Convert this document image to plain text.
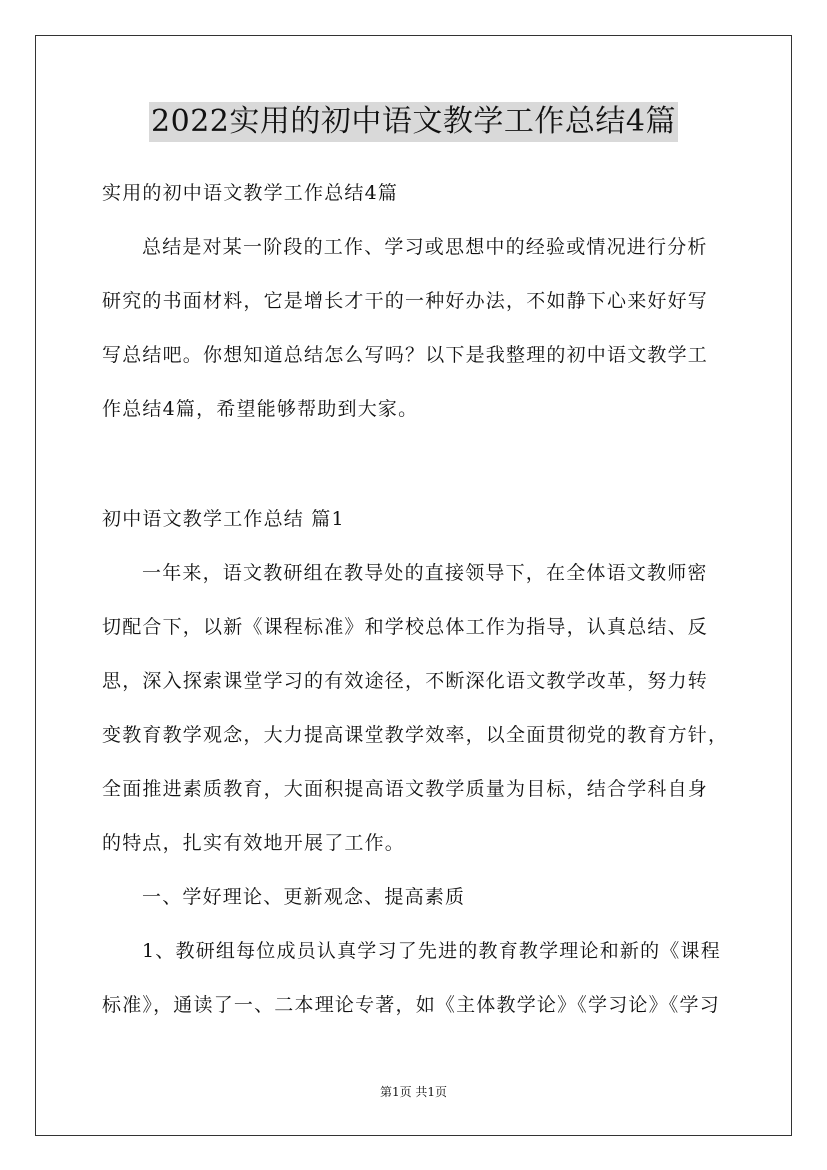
2022实用的初中语文教学工作总结4篇
实用的初中语文教学工作总结4篇
总结是对某一阶段的工作、学习或思想中的经验或情况进行分析
研究的书面材料，它是增长才干的一种好办法，不如静下心来好好写
写总结吧。你想知道总结怎么写吗？以下是我整理的初中语文教学工
作总结4篇，希望能够帮助到大家。
初中语文教学工作总结 篇1
一年来，语文教研组在教导处的直接领导下，在全体语文教师密
切配合下，以新《课程标准》和学校总体工作为指导，认真总结、反
思，深入探索课堂学习的有效途径，不断深化语文教学改革，努力转
变教育教学观念，大力提高课堂教学效率，以全面贯彻党的教育方针，
全面推进素质教育，大面积提高语文教学质量为目标，结合学科自身
的特点，扎实有效地开展了工作。
一、学好理论、更新观念、提高素质
1、教研组每位成员认真学习了先进的教育教学理论和新的《课程
标准》，通读了一、二本理论专著，如《主体教学论》《学习论》《学习
第1页 共1页
